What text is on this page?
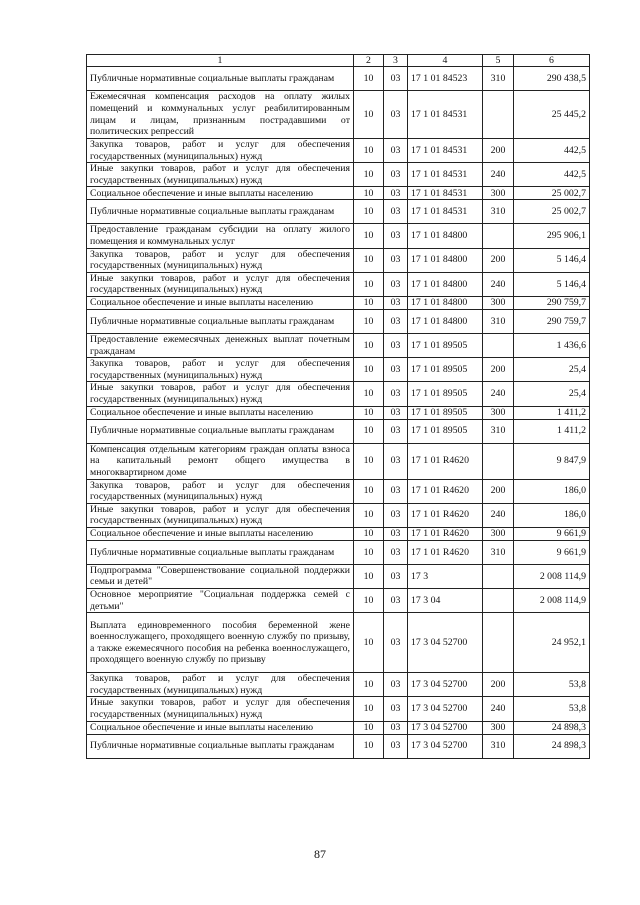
1	2	3	4	5	6
Публичные нормативные социальные выплаты гражданам	10	03	17 1 01 84523	310	290 438,5
Ежемесячная компенсация расходов на оплату жилых помещений и коммунальных услуг реабилитированным лицам и лицам, признанным пострадавшими от политических репрессий	10	03	17 1 01 84531		25 445,2
Закупка товаров, работ и услуг для обеспечения государственных (муниципальных) нужд	10	03	17 1 01 84531	200	442,5
Иные закупки товаров, работ и услуг для обеспечения государственных (муниципальных) нужд	10	03	17 1 01 84531	240	442,5
Социальное обеспечение и иные выплаты населению	10	03	17 1 01 84531	300	25 002,7
Публичные нормативные социальные выплаты гражданам	10	03	17 1 01 84531	310	25 002,7
Предоставление гражданам субсидии на оплату жилого помещения и коммунальных услуг	10	03	17 1 01 84800		295 906,1
Закупка товаров, работ и услуг для обеспечения государственных (муниципальных) нужд	10	03	17 1 01 84800	200	5 146,4
Иные закупки товаров, работ и услуг для обеспечения государственных (муниципальных) нужд	10	03	17 1 01 84800	240	5 146,4
Социальное обеспечение и иные выплаты населению	10	03	17 1 01 84800	300	290 759,7
Публичные нормативные социальные выплаты гражданам	10	03	17 1 01 84800	310	290 759,7
Предоставление ежемесячных денежных выплат почетным гражданам	10	03	17 1 01 89505		1 436,6
Закупка товаров, работ и услуг для обеспечения государственных (муниципальных) нужд	10	03	17 1 01 89505	200	25,4
Иные закупки товаров, работ и услуг для обеспечения государственных (муниципальных) нужд	10	03	17 1 01 89505	240	25,4
Социальное обеспечение и иные выплаты населению	10	03	17 1 01 89505	300	1 411,2
Публичные нормативные социальные выплаты гражданам	10	03	17 1 01 89505	310	1 411,2
Компенсация отдельным категориям граждан оплаты взноса на капитальный ремонт общего имущества в многоквартирном доме	10	03	17 1 01 R4620		9 847,9
Закупка товаров, работ и услуг для обеспечения государственных (муниципальных) нужд	10	03	17 1 01 R4620	200	186,0
Иные закупки товаров, работ и услуг для обеспечения государственных (муниципальных) нужд	10	03	17 1 01 R4620	240	186,0
Социальное обеспечение и иные выплаты населению	10	03	17 1 01 R4620	300	9 661,9
Публичные нормативные социальные выплаты гражданам	10	03	17 1 01 R4620	310	9 661,9
Подпрограмма "Совершенствование социальной поддержки семьи и детей"	10	03	17 3		2 008 114,9
Основное мероприятие "Социальная поддержка семей с детьми"	10	03	17 3 04		2 008 114,9
Выплата единовременного пособия беременной жене военнослужащего, проходящего военную службу по призыву, а также ежемесячного пособия на ребенка военнослужащего, проходящего военную службу по призыву	10	03	17 3 04 52700		24 952,1
Закупка товаров, работ и услуг для обеспечения государственных (муниципальных) нужд	10	03	17 3 04 52700	200	53,8
Иные закупки товаров, работ и услуг для обеспечения государственных (муниципальных) нужд	10	03	17 3 04 52700	240	53,8
Социальное обеспечение и иные выплаты населению	10	03	17 3 04 52700	300	24 898,3
Публичные нормативные социальные выплаты гражданам	10	03	17 3 04 52700	310	24 898,3
87
